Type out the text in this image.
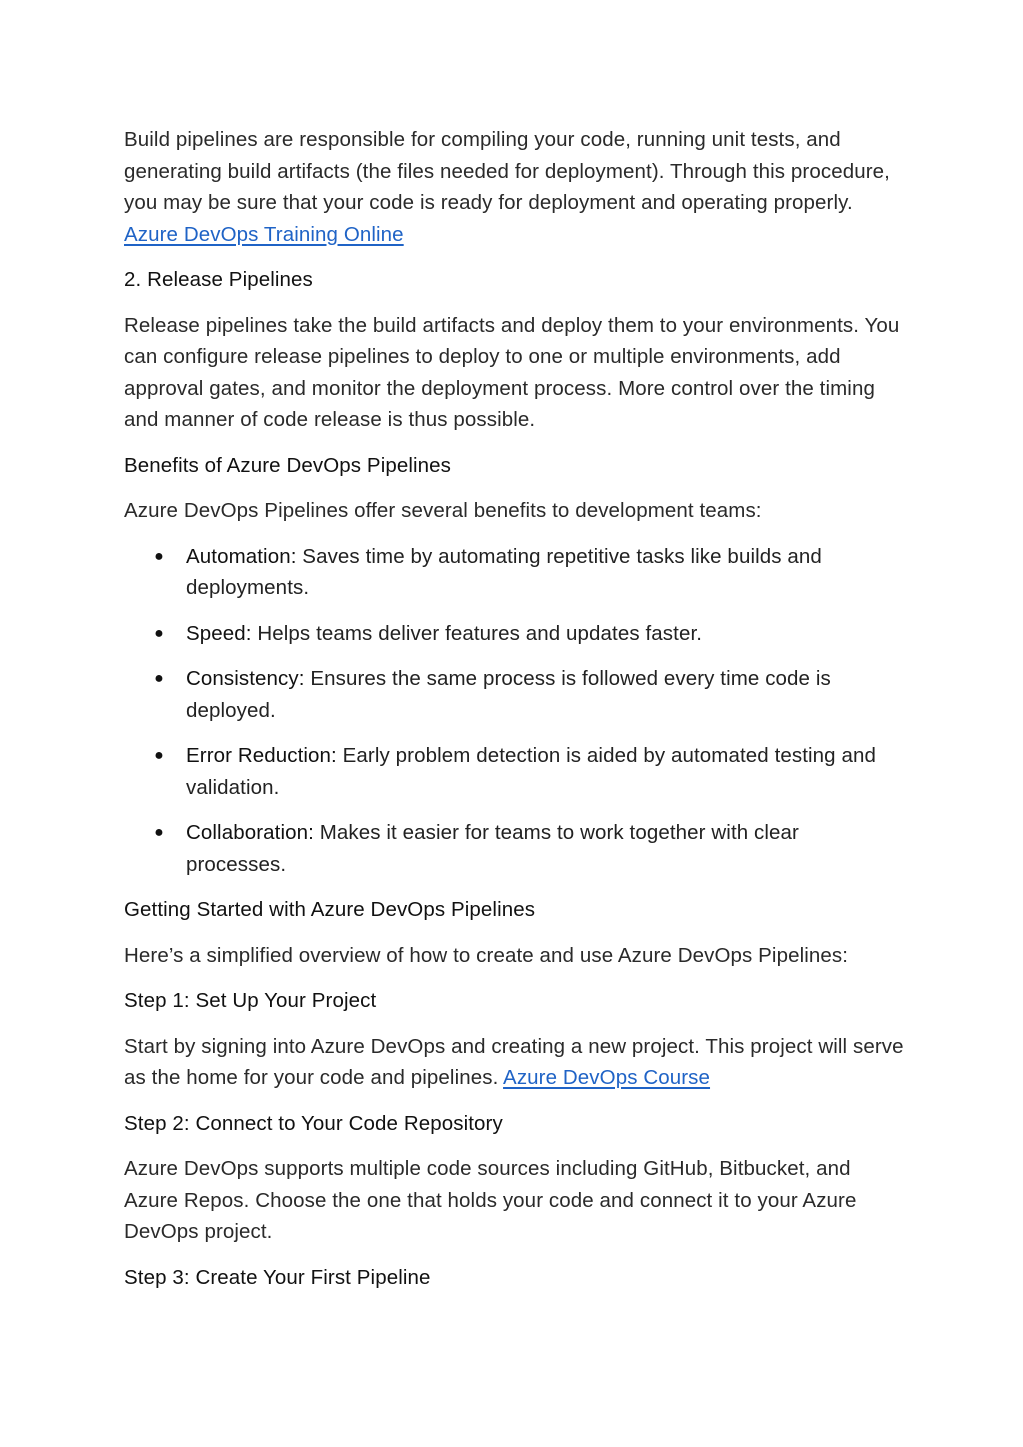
Build pipelines are responsible for compiling your code, running unit tests, and generating build artifacts (the files needed for deployment). Through this procedure, you may be sure that your code is ready for deployment and operating properly. Azure DevOps Training Online

2. Release Pipelines

Release pipelines take the build artifacts and deploy them to your environments. You can configure release pipelines to deploy to one or multiple environments, add approval gates, and monitor the deployment process. More control over the timing and manner of code release is thus possible.

Benefits of Azure DevOps Pipelines

Azure DevOps Pipelines offer several benefits to development teams:

● Automation: Saves time by automating repetitive tasks like builds and deployments.
● Speed: Helps teams deliver features and updates faster.
● Consistency: Ensures the same process is followed every time code is deployed.
● Error Reduction: Early problem detection is aided by automated testing and validation.
● Collaboration: Makes it easier for teams to work together with clear processes.

Getting Started with Azure DevOps Pipelines

Here’s a simplified overview of how to create and use Azure DevOps Pipelines:

Step 1: Set Up Your Project

Start by signing into Azure DevOps and creating a new project. This project will serve as the home for your code and pipelines. Azure DevOps Course

Step 2: Connect to Your Code Repository

Azure DevOps supports multiple code sources including GitHub, Bitbucket, and Azure Repos. Choose the one that holds your code and connect it to your Azure DevOps project.

Step 3: Create Your First Pipeline
